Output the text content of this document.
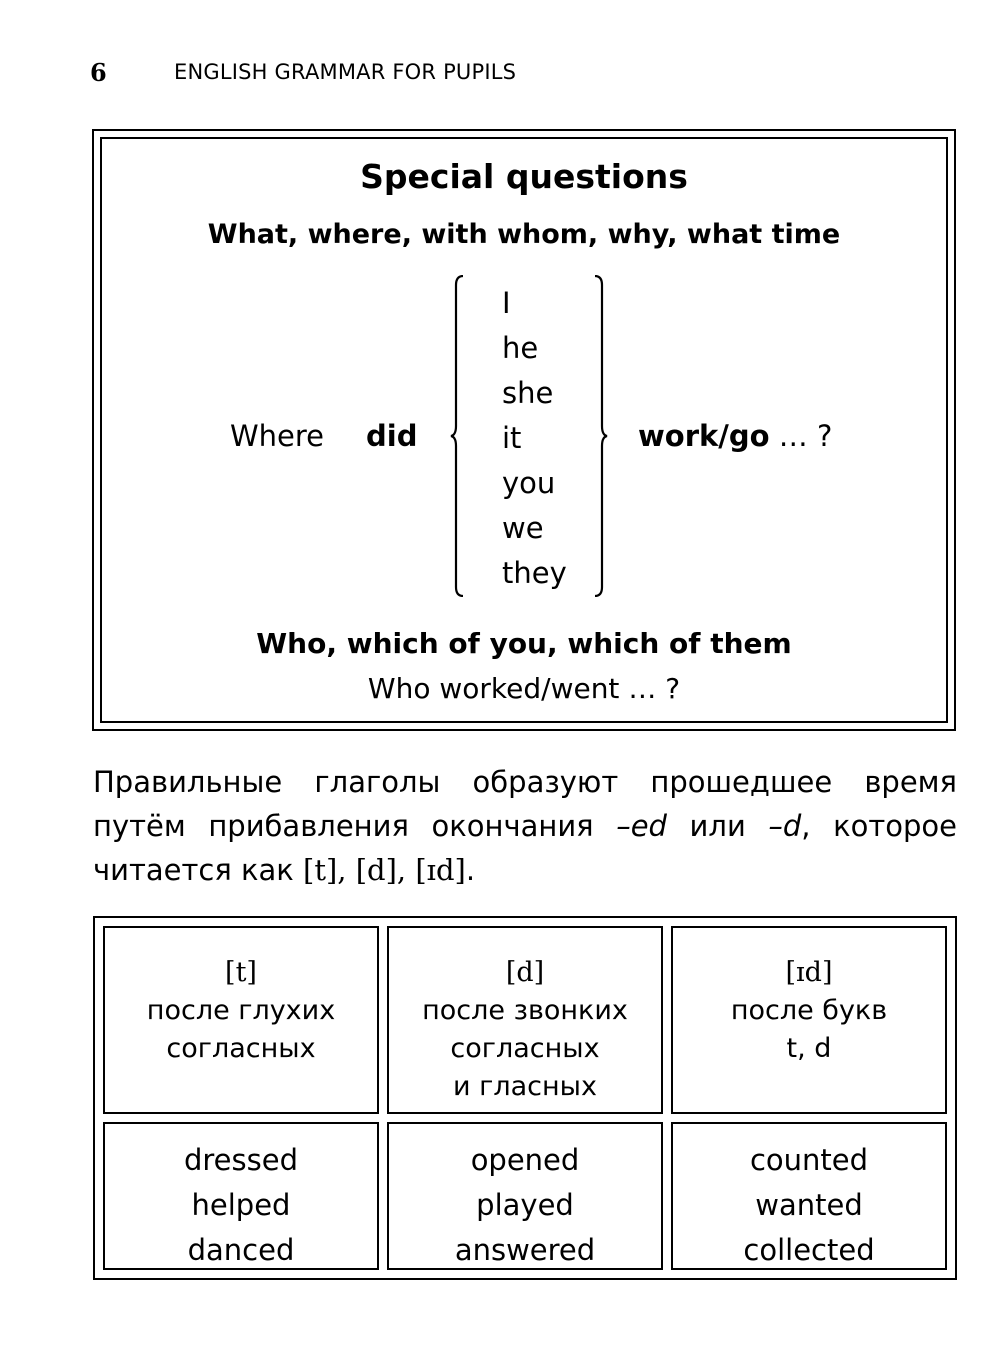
6	ENGLISH GRAMMAR FOR PUPILS
Special questions
What, where, with whom, why, what time
Where did
I
he
she
it
you
we
they
work/go … ?
Who, which of you, which of them
Who worked/went … ?

Правильные глаголы образуют прошедшее время путём прибавления окончания –ed или –d, которое читается как [t], [d], [ɪd].

[t]
после глухих
согласных
[d]
после звонких
согласных
и гласных
[ɪd]
после букв
t, d
dressed
helped
danced
opened
played
answered
counted
wanted
collected
